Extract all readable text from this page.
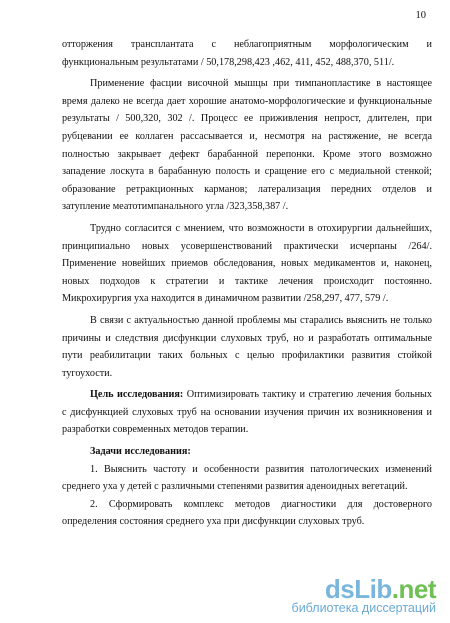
10

отторжения трансплантата с неблагоприятным морфологическим и функциональным результатами / 50,178,298,423 ,462, 411, 452, 488,370, 511/.

Применение фасции височной мышцы при тимпанопластике в настоящее время далеко не всегда дает хорошие анатомо-морфологические и функциональные результаты / 500,320, 302 /. Процесс ее приживления непрост, длителен, при рубцевании ее коллаген рассасывается и, несмотря на растяжение, не всегда полностью закрывает дефект барабанной перепонки. Кроме этого возможно западение лоскута в барабанную полость и сращение его с медиальной стенкой; образование ретракционных карманов; латерализация передних отделов и затупление меатотимпанального угла /323,358,387 /.

Трудно согласится с мнением, что возможности в отохирургии дальнейших, принципиально новых усовершенствований практически исчерпаны /264/. Применение новейших приемов обследования, новых медикаментов и, наконец, новых подходов к стратегии и тактике лечения происходит постоянно. Микрохирургия уха находится в динамичном развитии /258,297, 477, 579 /.

В связи с актуальностью данной проблемы мы старались выяснить не только причины и следствия дисфункции слуховых труб, но и разработать оптимальные пути реабилитации таких больных с целью профилактики развития стойкой тугоухости.

Цель исследования: Оптимизировать тактику и стратегию лечения больных с дисфункцией слуховых труб на основании изучения причин их возникновения и разработки современных методов терапии.

Задачи исследования:

1. Выяснить частоту и особенности развития патологических изменений среднего уха у детей с различными степенями развития аденоидных вегетаций.

2. Сформировать комплекс методов диагностики для достоверного определения состояния среднего уха при дисфункции слуховых труб.

dsLib.net
библиотека диссертаций
